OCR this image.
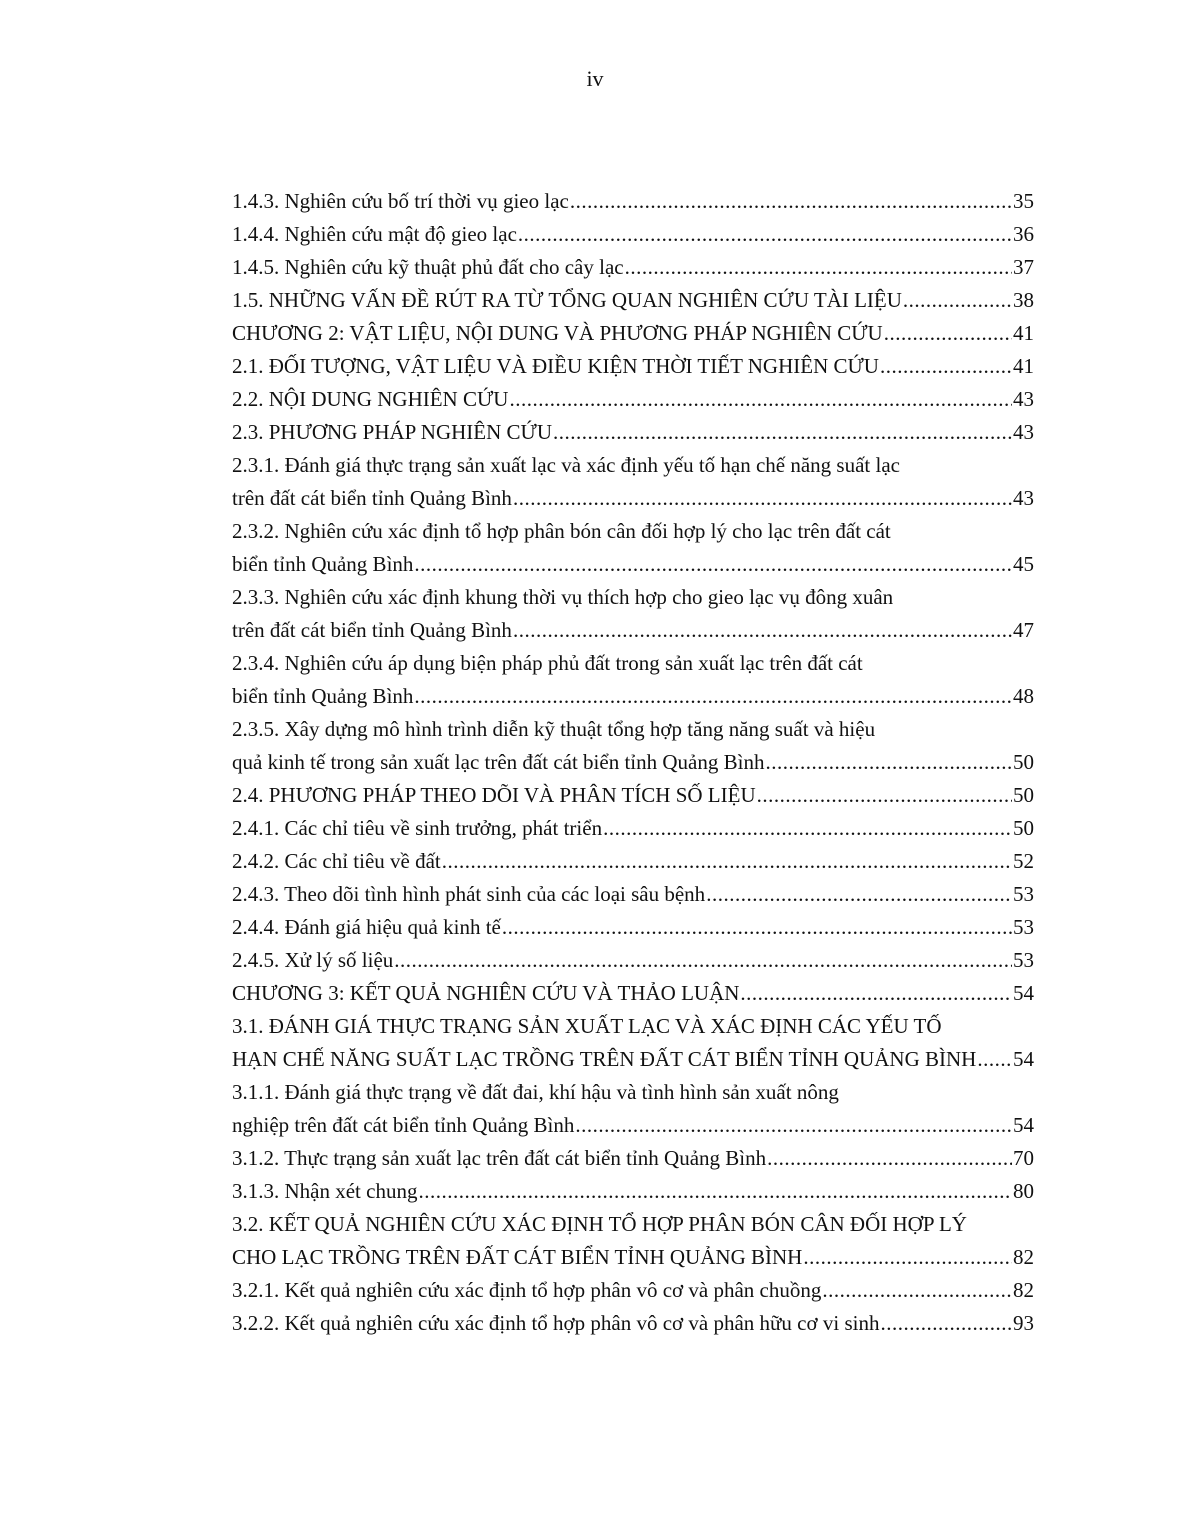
iv
1.4.3. Nghiên cứu bố trí thời vụ gieo lạc .....	35
1.4.4. Nghiên cứu mật độ gieo lạc .....	36
1.4.5. Nghiên cứu kỹ thuật phủ đất cho cây lạc .....	37
1.5. NHỮNG VẤN ĐỀ RÚT RA TỪ TỔNG QUAN NGHIÊN CỨU TÀI LIỆU .....	38
CHƯƠNG 2: VẬT LIỆU, NỘI DUNG VÀ PHƯƠNG PHÁP NGHIÊN CỨU .....	41
2.1. ĐỐI TƯỢNG, VẬT LIỆU VÀ ĐIỀU KIỆN THỜI TIẾT NGHIÊN CỨU .....	41
2.2. NỘI DUNG NGHIÊN CỨU .....	43
2.3. PHƯƠNG PHÁP NGHIÊN CỨU .....	43
2.3.1. Đánh giá thực trạng sản xuất lạc và xác định yếu tố hạn chế năng suất lạc
trên đất cát biển tỉnh Quảng Bình .....	43
2.3.2. Nghiên cứu xác định tổ hợp phân bón cân đối hợp lý cho lạc trên đất cát
biển tỉnh Quảng Bình .....	45
2.3.3. Nghiên cứu xác định khung thời vụ thích hợp cho gieo lạc vụ đông xuân
trên đất cát biển tỉnh Quảng Bình .....	47
2.3.4. Nghiên cứu áp dụng biện pháp phủ đất trong sản xuất lạc trên đất cát
biển tỉnh Quảng Bình .....	48
2.3.5. Xây dựng mô hình trình diễn kỹ thuật tổng hợp tăng năng suất và hiệu
quả kinh tế trong sản xuất lạc trên đất cát biển tỉnh Quảng Bình .....	50
2.4. PHƯƠNG PHÁP THEO DÕI VÀ PHÂN TÍCH SỐ LIỆU .....	50
2.4.1. Các chỉ tiêu về sinh trưởng, phát triển .....	50
2.4.2. Các chỉ tiêu về đất .....	52
2.4.3. Theo dõi tình hình phát sinh của các loại sâu bệnh .....	53
2.4.4. Đánh giá hiệu quả kinh tế .....	53
2.4.5. Xử lý số liệu .....	53
CHƯƠNG 3: KẾT QUẢ NGHIÊN CỨU VÀ THẢO LUẬN .....	54
3.1. ĐÁNH GIÁ THỰC TRẠNG SẢN XUẤT LẠC VÀ XÁC ĐỊNH CÁC YẾU TỐ
HẠN CHẾ NĂNG SUẤT LẠC TRỒNG TRÊN ĐẤT CÁT BIỂN TỈNH QUẢNG BÌNH ..... 54
3.1.1. Đánh giá thực trạng về đất đai, khí hậu và tình hình sản xuất nông
nghiệp trên đất cát biển tỉnh Quảng Bình .....	54
3.1.2. Thực trạng sản xuất lạc trên đất cát biển tỉnh Quảng Bình .....	70
3.1.3. Nhận xét chung .....	80
3.2. KẾT QUẢ NGHIÊN CỨU XÁC ĐỊNH TỔ HỢP PHÂN BÓN CÂN ĐỐI HỢP LÝ
CHO LẠC TRỒNG TRÊN ĐẤT CÁT BIỂN TỈNH QUẢNG BÌNH .....	82
3.2.1. Kết quả nghiên cứu xác định tổ hợp phân vô cơ và phân chuồng .....	82
3.2.2. Kết quả nghiên cứu xác định tổ hợp phân vô cơ và phân hữu cơ vi sinh .....	93
